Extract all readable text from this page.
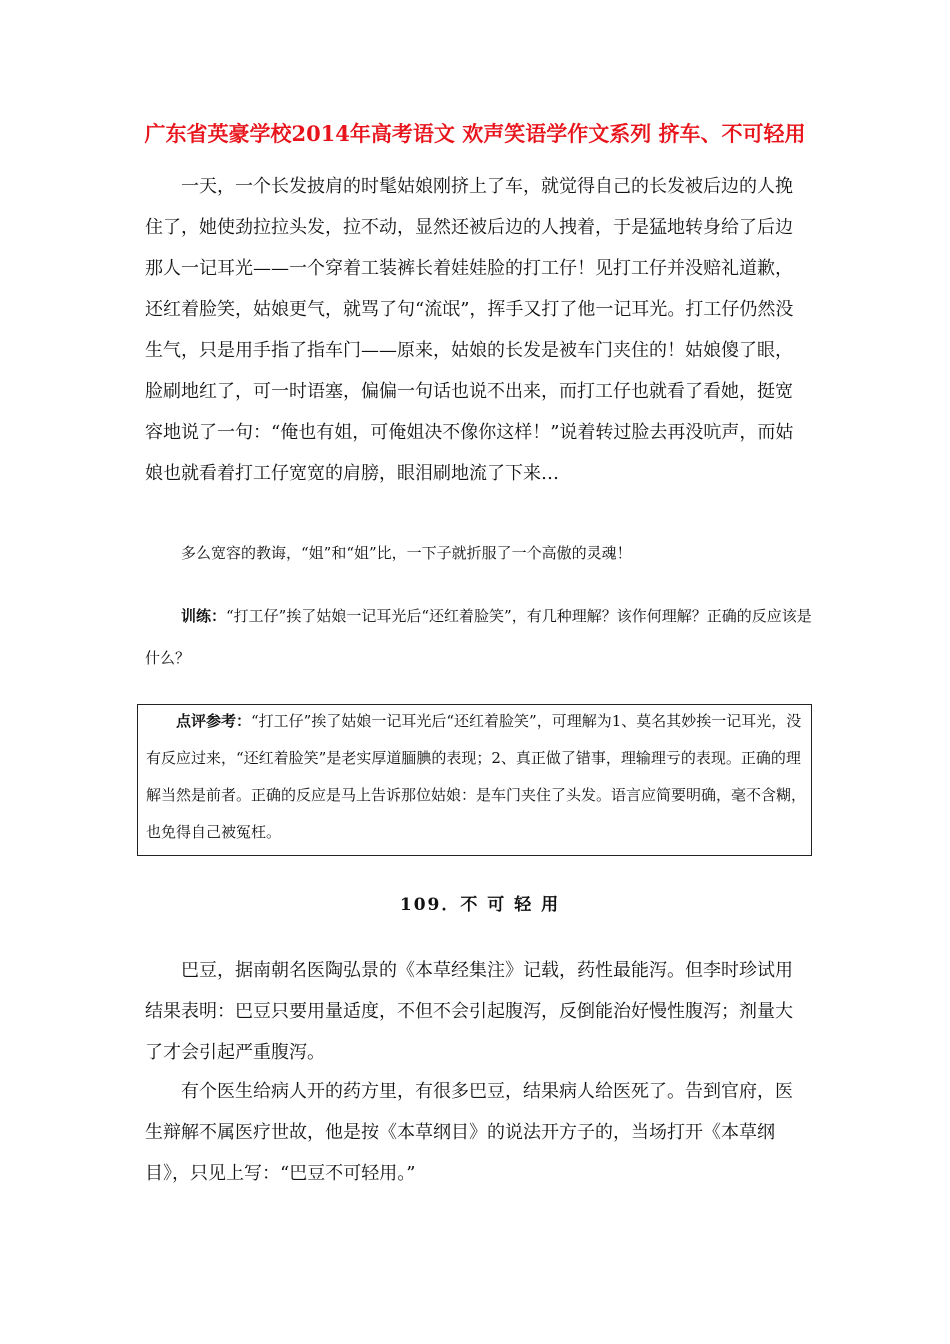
广东省英豪学校2014年高考语文 欢声笑语学作文系列 挤车、不可轻用

一天，一个长发披肩的时髦姑娘刚挤上了车，就觉得自己的长发被后边的人挽住了，她使劲拉拉头发，拉不动，显然还被后边的人拽着，于是猛地转身给了后边那人一记耳光——一个穿着工装裤长着娃娃脸的打工仔！见打工仔并没赔礼道歉，还红着脸笑，姑娘更气，就骂了句“流氓”，挥手又打了他一记耳光。打工仔仍然没生气，只是用手指了指车门——原来，姑娘的长发是被车门夹住的！姑娘傻了眼，脸刷地红了，可一时语塞，偏偏一句话也说不出来，而打工仔也就看了看她，挺宽容地说了一句：“俺也有姐，可俺姐决不像你这样！”说着转过脸去再没吭声，而姑娘也就看着打工仔宽宽的肩膀，眼泪刷地流了下来…

多么宽容的教诲，“姐”和“姐”比，一下子就折服了一个高傲的灵魂！

训练：“打工仔”挨了姑娘一记耳光后“还红着脸笑”，有几种理解？该作何理解？正确的反应该是什么？

点评参考：“打工仔”挨了姑娘一记耳光后“还红着脸笑”，可理解为1、莫名其妙挨一记耳光，没有反应过来，“还红着脸笑”是老实厚道腼腆的表现；2、真正做了错事，理输理亏的表现。正确的理解当然是前者。正确的反应是马上告诉那位姑娘：是车门夹住了头发。语言应简要明确，毫不含糊，也免得自己被冤枉。

109．不 可 轻 用

巴豆，据南朝名医陶弘景的《本草经集注》记载，药性最能泻。但李时珍试用结果表明：巴豆只要用量适度，不但不会引起腹泻，反倒能治好慢性腹泻；剂量大了才会引起严重腹泻。

有个医生给病人开的药方里，有很多巴豆，结果病人给医死了。告到官府，医生辩解不属医疗世故，他是按《本草纲目》的说法开方子的，当场打开《本草纲目》，只见上写：“巴豆不可轻用。”
